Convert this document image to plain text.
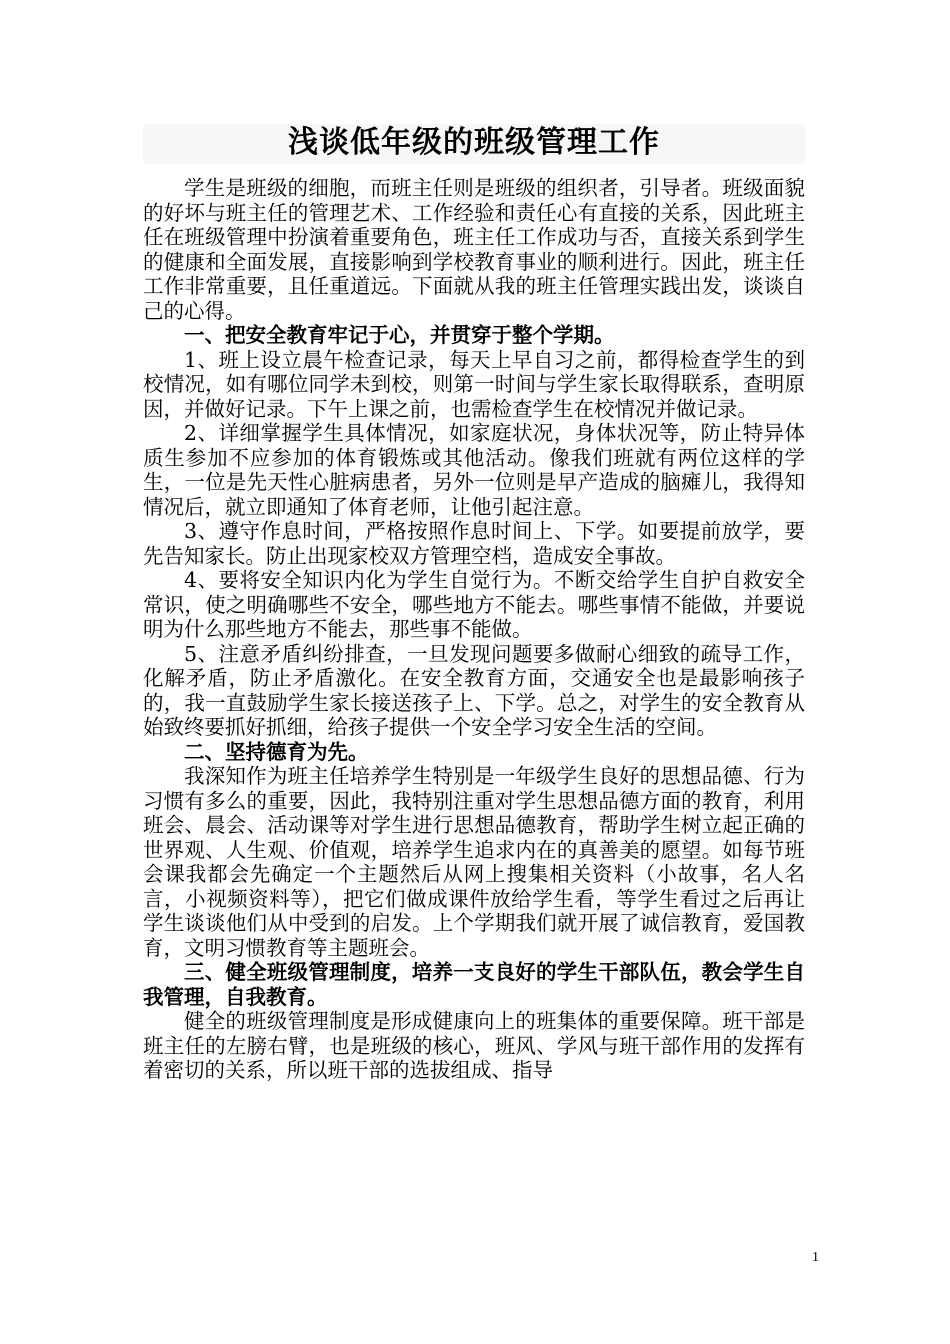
浅谈低年级的班级管理工作

学生是班级的细胞，而班主任则是班级的组织者，引导者。班级面貌的好坏与班主任的管理艺术、工作经验和责任心有直接的关系，因此班主任在班级管理中扮演着重要角色，班主任工作成功与否，直接关系到学生的健康和全面发展，直接影响到学校教育事业的顺利进行。因此，班主任工作非常重要，且任重道远。下面就从我的班主任管理实践出发，谈谈自己的心得。

一、把安全教育牢记于心，并贯穿于整个学期。

1、班上设立晨午检查记录，每天上早自习之前，都得检查学生的到校情况，如有哪位同学未到校，则第一时间与学生家长取得联系，查明原因，并做好记录。下午上课之前，也需检查学生在校情况并做记录。

2、详细掌握学生具体情况，如家庭状况，身体状况等，防止特异体质生参加不应参加的体育锻炼或其他活动。像我们班就有两位这样的学生，一位是先天性心脏病患者，另外一位则是早产造成的脑瘫儿，我得知情况后，就立即通知了体育老师，让他引起注意。

3、遵守作息时间，严格按照作息时间上、下学。如要提前放学，要先告知家长。防止出现家校双方管理空档，造成安全事故。

4、要将安全知识内化为学生自觉行为。不断交给学生自护自救安全常识，使之明确哪些不安全，哪些地方不能去。哪些事情不能做，并要说明为什么那些地方不能去，那些事不能做。

5、注意矛盾纠纷排查，一旦发现问题要多做耐心细致的疏导工作，化解矛盾，防止矛盾激化。在安全教育方面，交通安全也是最影响孩子的，我一直鼓励学生家长接送孩子上、下学。总之，对学生的安全教育从始致终要抓好抓细，给孩子提供一个安全学习安全生活的空间。

二、坚持德育为先。

我深知作为班主任培养学生特别是一年级学生良好的思想品德、行为习惯有多么的重要，因此，我特别注重对学生思想品德方面的教育，利用班会、晨会、活动课等对学生进行思想品德教育，帮助学生树立起正确的世界观、人生观、价值观，培养学生追求内在的真善美的愿望。如每节班会课我都会先确定一个主题然后从网上搜集相关资料（小故事，名人名言，小视频资料等），把它们做成课件放给学生看，等学生看过之后再让学生谈谈他们从中受到的启发。上个学期我们就开展了诚信教育，爱国教育，文明习惯教育等主题班会。

三、健全班级管理制度，培养一支良好的学生干部队伍，教会学生自我管理，自我教育。

健全的班级管理制度是形成健康向上的班集体的重要保障。班干部是班主任的左膀右臂，也是班级的核心，班风、学风与班干部作用的发挥有着密切的关系，所以班干部的选拔组成、指导

1
